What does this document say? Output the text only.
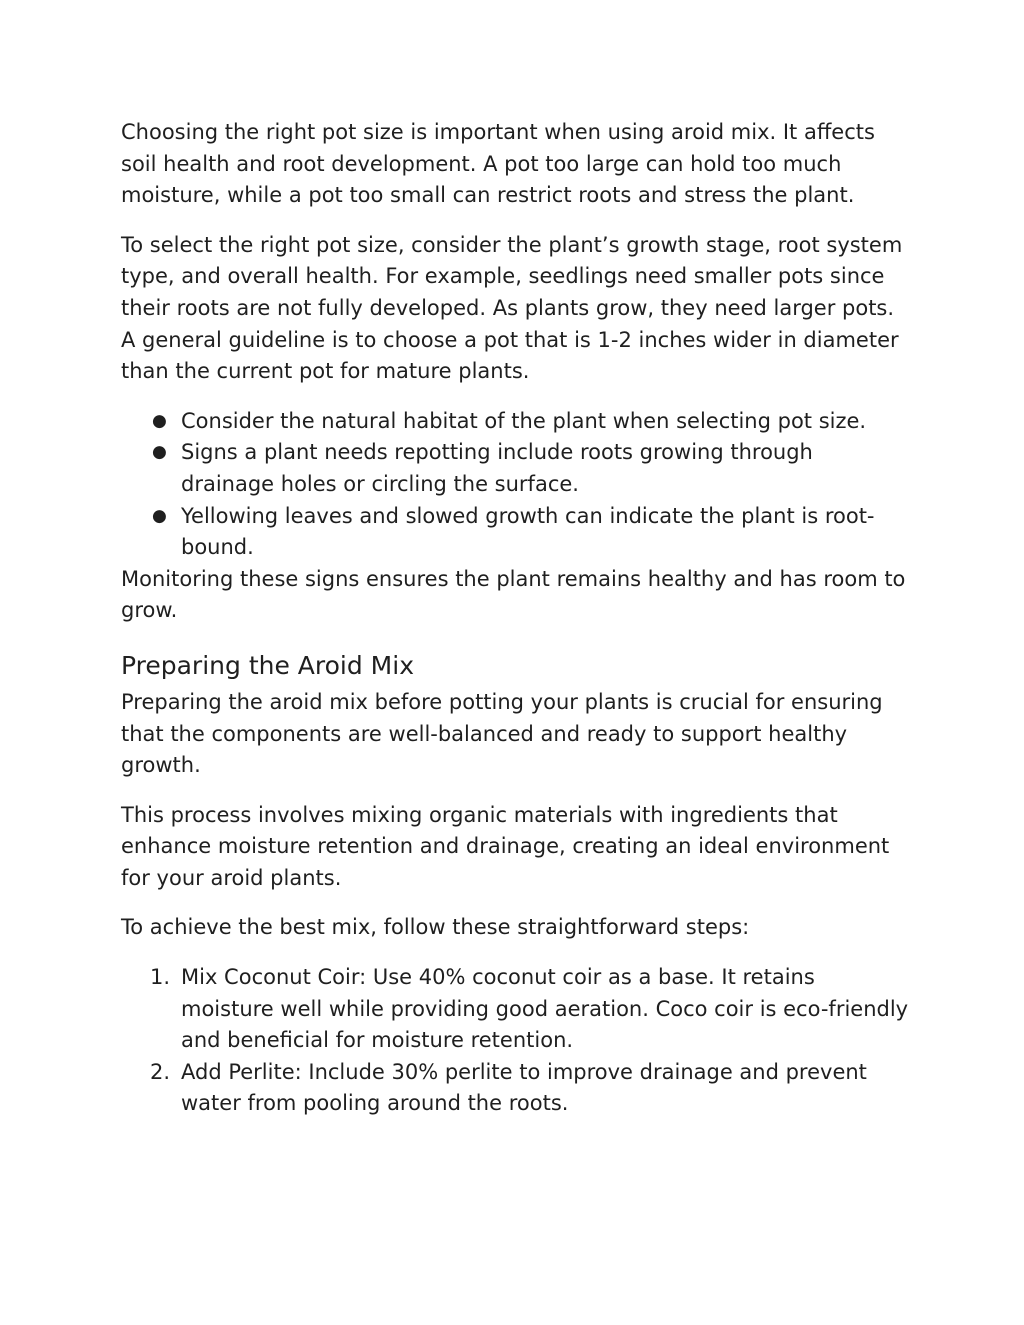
Choosing the right pot size is important when using aroid mix. It affects soil health and root development. A pot too large can hold too much moisture, while a pot too small can restrict roots and stress the plant.

To select the right pot size, consider the plant’s growth stage, root system type, and overall health. For example, seedlings need smaller pots since their roots are not fully developed. As plants grow, they need larger pots. A general guideline is to choose a pot that is 1-2 inches wider in diameter than the current pot for mature plants.

● Consider the natural habitat of the plant when selecting pot size.
● Signs a plant needs repotting include roots growing through drainage holes or circling the surface.
● Yellowing leaves and slowed growth can indicate the plant is root-bound.

Monitoring these signs ensures the plant remains healthy and has room to grow.

Preparing the Aroid Mix

Preparing the aroid mix before potting your plants is crucial for ensuring that the components are well-balanced and ready to support healthy growth.

This process involves mixing organic materials with ingredients that enhance moisture retention and drainage, creating an ideal environment for your aroid plants.

To achieve the best mix, follow these straightforward steps:

1. Mix Coconut Coir: Use 40% coconut coir as a base. It retains moisture well while providing good aeration. Coco coir is eco-friendly and beneficial for moisture retention.
2. Add Perlite: Include 30% perlite to improve drainage and prevent water from pooling around the roots.
